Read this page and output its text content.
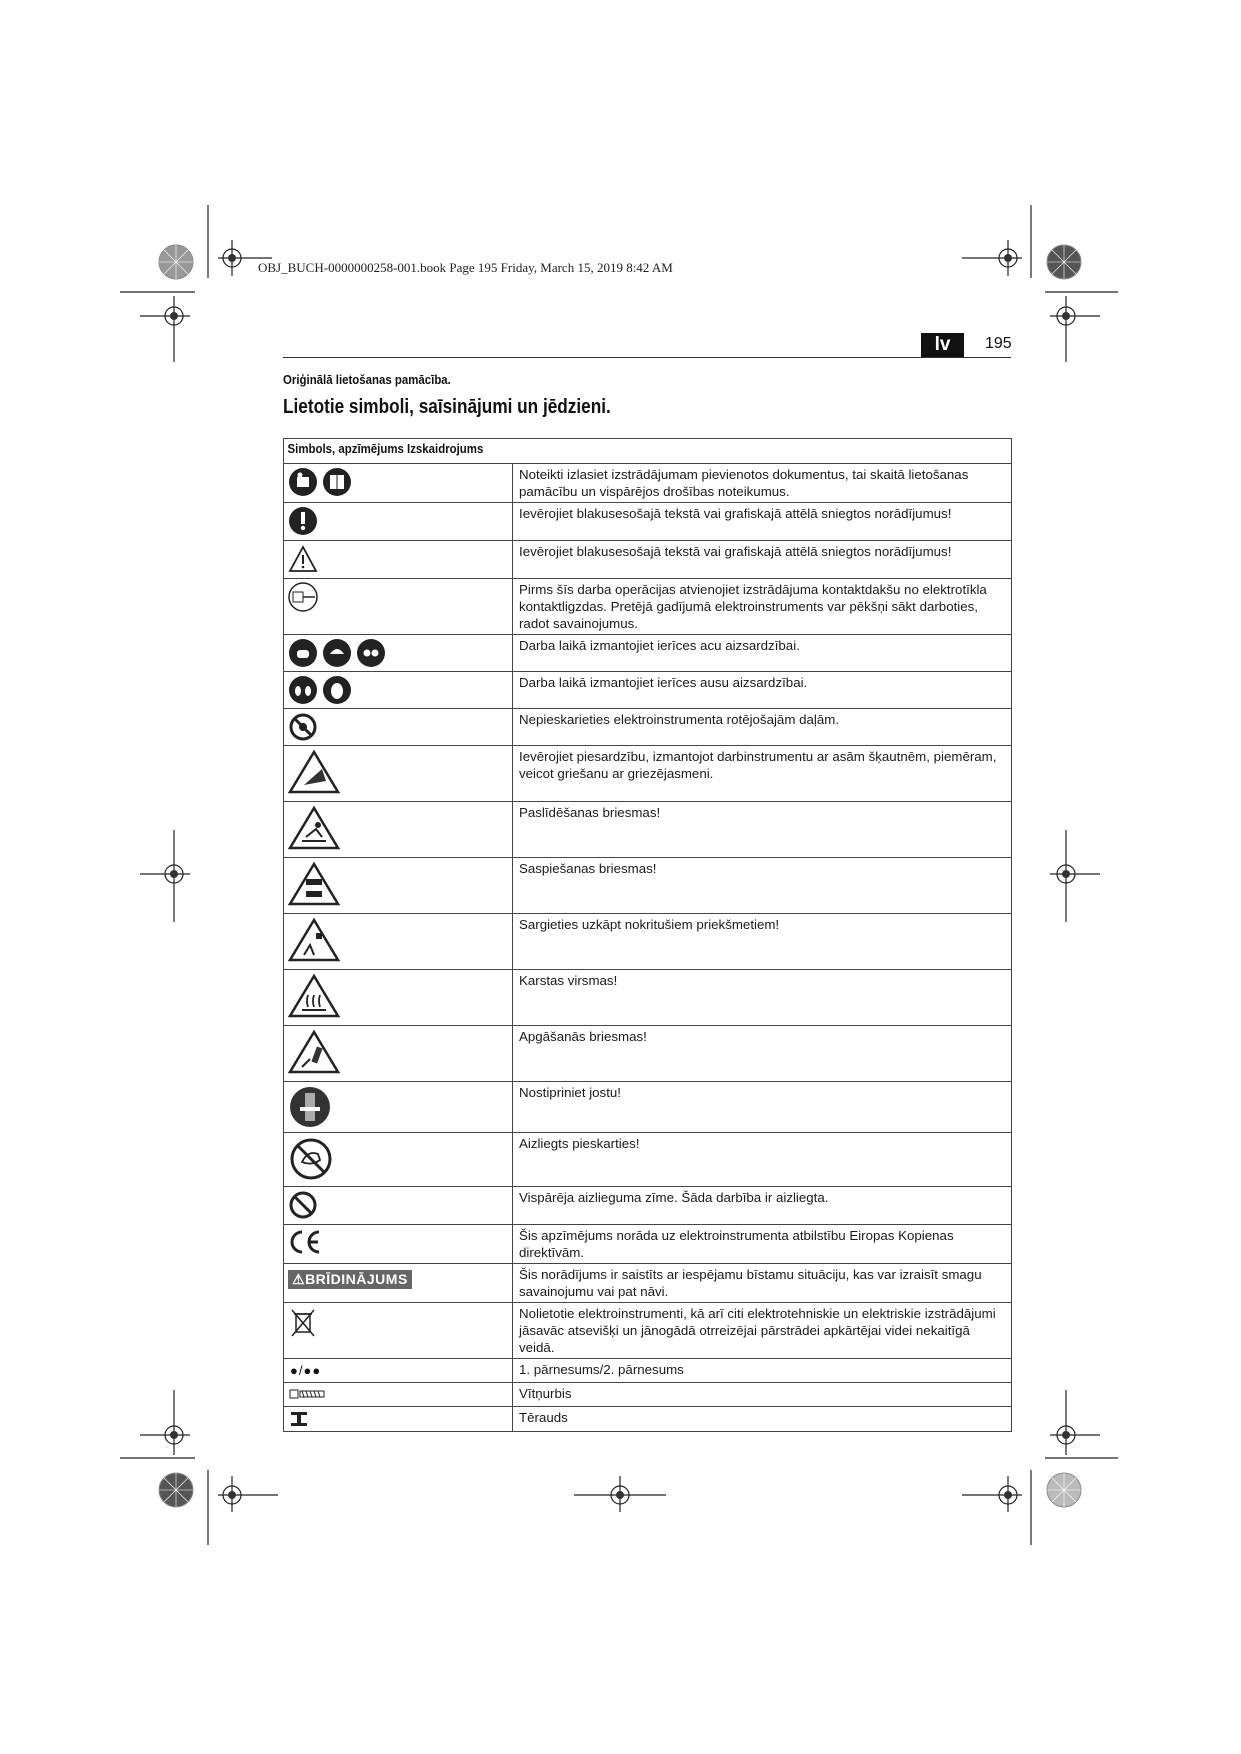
OBJ_BUCH-0000000258-001.book Page 195 Friday, March 15, 2019 8:42 AM
lv	195
Oriģinālā lietošanas pamācība.
Lietotie simboli, saīsinājumi un jēdzieni.
Simbols, apzīmējums Izskaidrojums	

	Noteikti izlasiet izstrādājumam pievienotos dokumentus, tai skaitā lietošanas pamācību un vispārējos drošības noteikumus.

	Ievērojiet blakusesošajā tekstā vai grafiskajā attēlā sniegtos norādījumus!

	Ievērojiet blakusesošajā tekstā vai grafiskajā attēlā sniegtos norādījumus!

	Pirms šīs darba operācijas atvienojiet izstrādājuma kontaktdakšu no elektrotīkla kontaktligzdas. Pretējā gadījumā elektroinstruments var pēkšņi sākt darboties, radot savainojumus.

	Darba laikā izmantojiet ierīces acu aizsardzībai.

	Darba laikā izmantojiet ierīces ausu aizsardzībai.

	Nepieskarieties elektroinstrumenta rotējošajām daļām.

	Ievērojiet piesardzību, izmantojot darbinstrumentu ar asām šķautnēm, piemēram, veicot griešanu ar griezējasmeni.

	Paslīdēšanas briesmas!

	Saspiešanas briesmas!

	Sargieties uzkāpt nokritušiem priekšmetiem!

	Karstas virsmas!

	Apgāšanās briesmas!

	Nostipriniet jostu!

	Aizliegts pieskarties!

	Vispārēja aizlieguma zīme. Šāda darbība ir aizliegta.

	Šis apzīmējums norāda uz elektroinstrumenta atbilstību Eiropas Kopienas direktīvām.
⚠BRĪDINĀJUMS	Šis norādījums ir saistīts ar iespējamu bīstamu situāciju, kas var izraisīt smagu savainojumu vai pat nāvi.

	Nolietotie elektroinstrumenti, kā arī citi elektrotehniskie un elektriskie izstrādājumi jāsavāc atsevišķi un jānogādā otrreizējai pārstrādei apkārtējai videi nekaitīgā veidā.

●/●●	1. pārnesums/2. pārnesums

	Vītņurbis

	Tērauds
